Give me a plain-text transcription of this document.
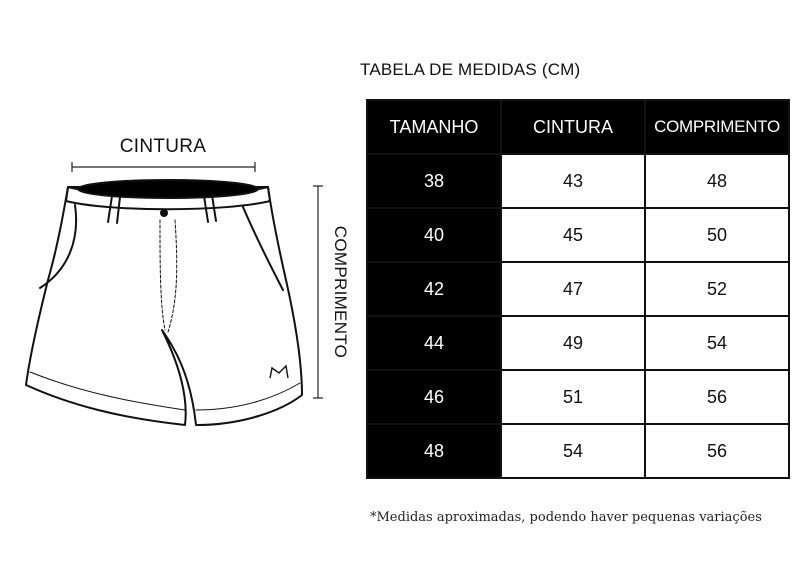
CINTURA
COMPRIMENTO
TABELA DE MEDIDAS (CM)
TAMANHO	CINTURA	COMPRIMENTO
38	43	48
40	45	50
42	47	52
44	49	54
46	51	56
48	54	56
*Medidas aproximadas, podendo haver pequenas variações
